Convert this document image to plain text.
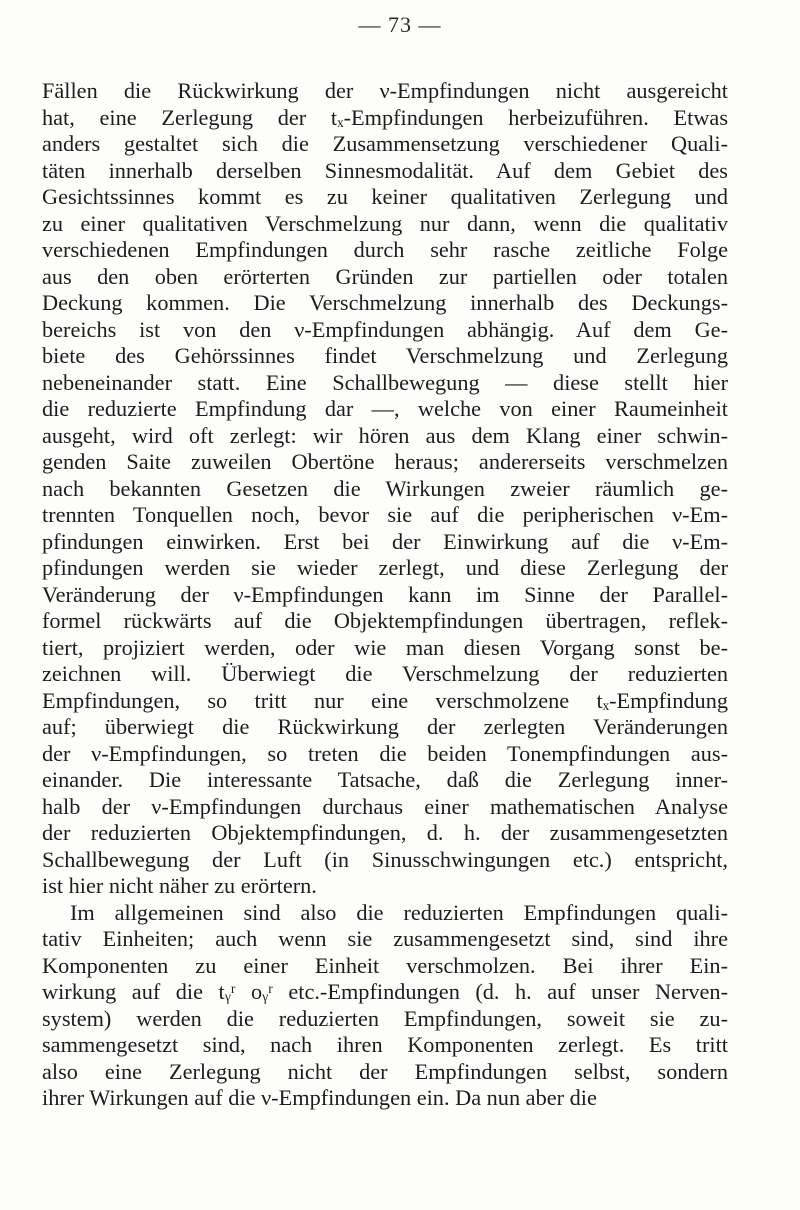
— 73 —
Fällen die Rückwirkung der ν-Empfindungen nicht ausgereicht
hat, eine Zerlegung der tₓ-Empfindungen herbeizuführen. Etwas
anders gestaltet sich die Zusammensetzung verschiedener Quali-
täten innerhalb derselben Sinnesmodalität. Auf dem Gebiet des
Gesichtssinnes kommt es zu keiner qualitativen Zerlegung und
zu einer qualitativen Verschmelzung nur dann, wenn die qualitativ
verschiedenen Empfindungen durch sehr rasche zeitliche Folge
aus den oben erörterten Gründen zur partiellen oder totalen
Deckung kommen. Die Verschmelzung innerhalb des Deckungs-
bereichs ist von den ν-Empfindungen abhängig. Auf dem Ge-
biete des Gehörssinnes findet Verschmelzung und Zerlegung
nebeneinander statt. Eine Schallbewegung — diese stellt hier
die reduzierte Empfindung dar —, welche von einer Raumeinheit
ausgeht, wird oft zerlegt: wir hören aus dem Klang einer schwin-
genden Saite zuweilen Obertöne heraus; andererseits verschmelzen
nach bekannten Gesetzen die Wirkungen zweier räumlich ge-
trennten Tonquellen noch, bevor sie auf die peripherischen ν-Em-
pfindungen einwirken. Erst bei der Einwirkung auf die ν-Em-
pfindungen werden sie wieder zerlegt, und diese Zerlegung der
Veränderung der ν-Empfindungen kann im Sinne der Parallel-
formel rückwärts auf die Objektempfindungen übertragen, reflek-
tiert, projiziert werden, oder wie man diesen Vorgang sonst be-
zeichnen will. Überwiegt die Verschmelzung der reduzierten
Empfindungen, so tritt nur eine verschmolzene tₓ-Empfindung
auf; überwiegt die Rückwirkung der zerlegten Veränderungen
der ν-Empfindungen, so treten die beiden Tonempfindungen aus-
einander. Die interessante Tatsache, daß die Zerlegung inner-
halb der ν-Empfindungen durchaus einer mathematischen Analyse
der reduzierten Objektempfindungen, d. h. der zusammengesetzten
Schallbewegung der Luft (in Sinusschwingungen etc.) entspricht,
ist hier nicht näher zu erörtern.
Im allgemeinen sind also die reduzierten Empfindungen quali-
tativ Einheiten; auch wenn sie zusammengesetzt sind, sind ihre
Komponenten zu einer Einheit verschmolzen. Bei ihrer Ein-
wirkung auf die tᵧʳ oᵧʳ etc.-Empfindungen (d. h. auf unser Nerven-
system) werden die reduzierten Empfindungen, soweit sie zu-
sammengesetzt sind, nach ihren Komponenten zerlegt. Es tritt
also eine Zerlegung nicht der Empfindungen selbst, sondern
ihrer Wirkungen auf die ν-Empfindungen ein. Da nun aber die
